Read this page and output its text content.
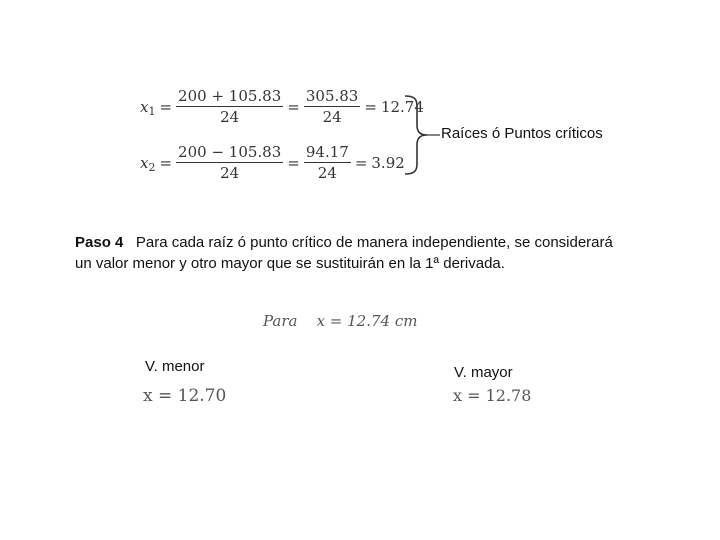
$x_1 = \frac{200 + 105.83}{24} = \frac{305.83}{24} = 12.74$
$x_2 = \frac{200 - 105.83}{24} = \frac{94.17}{24} = 3.92$
Raíces ó Puntos críticos
Paso 4 Para cada raíz ó punto crítico de manera independiente, se considerará
un valor menor y otro mayor que se sustituirán en la 1ª derivada.
Para x = 12.74 cm
V. menor
x = 12.70
V. mayor
x = 12.78
